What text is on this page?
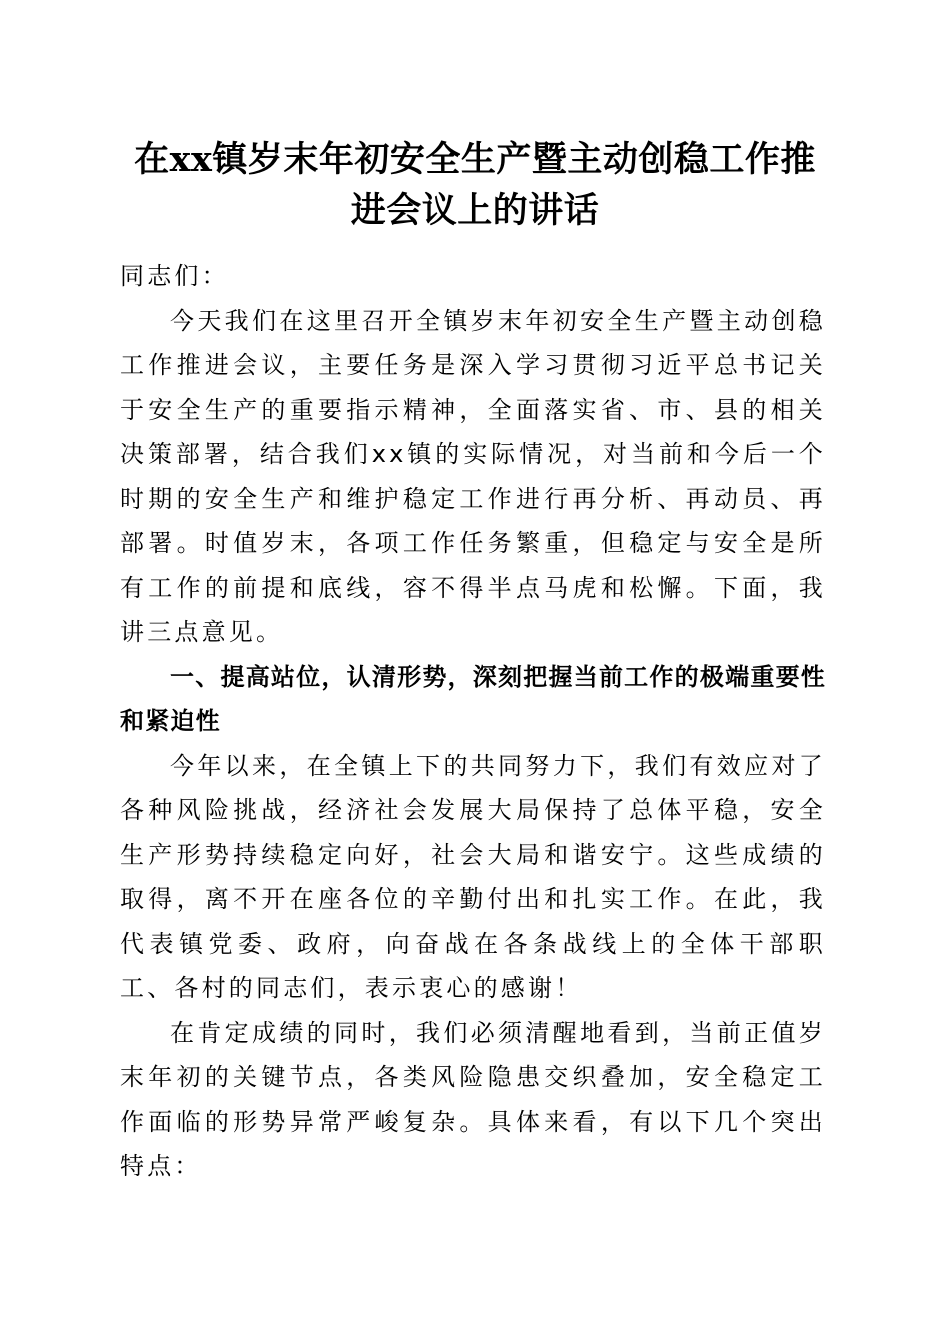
在xx镇岁末年初安全生产暨主动创稳工作推
进会议上的讲话

同志们：

今天我们在这里召开全镇岁末年初安全生产暨主动创稳工作推进会议，主要任务是深入学习贯彻习近平总书记关于安全生产的重要指示精神，全面落实省、市、县的相关决策部署，结合我们xx镇的实际情况，对当前和今后一个时期的安全生产和维护稳定工作进行再分析、再动员、再部署。时值岁末，各项工作任务繁重，但稳定与安全是所有工作的前提和底线，容不得半点马虎和松懈。下面，我讲三点意见。

一、提高站位，认清形势，深刻把握当前工作的极端重要性和紧迫性

今年以来，在全镇上下的共同努力下，我们有效应对了各种风险挑战，经济社会发展大局保持了总体平稳，安全生产形势持续稳定向好，社会大局和谐安宁。这些成绩的取得，离不开在座各位的辛勤付出和扎实工作。在此，我代表镇党委、政府，向奋战在各条战线上的全体干部职工、各村的同志们，表示衷心的感谢！

在肯定成绩的同时，我们必须清醒地看到，当前正值岁末年初的关键节点，各类风险隐患交织叠加，安全稳定工作面临的形势异常严峻复杂。具体来看，有以下几个突出特点：
